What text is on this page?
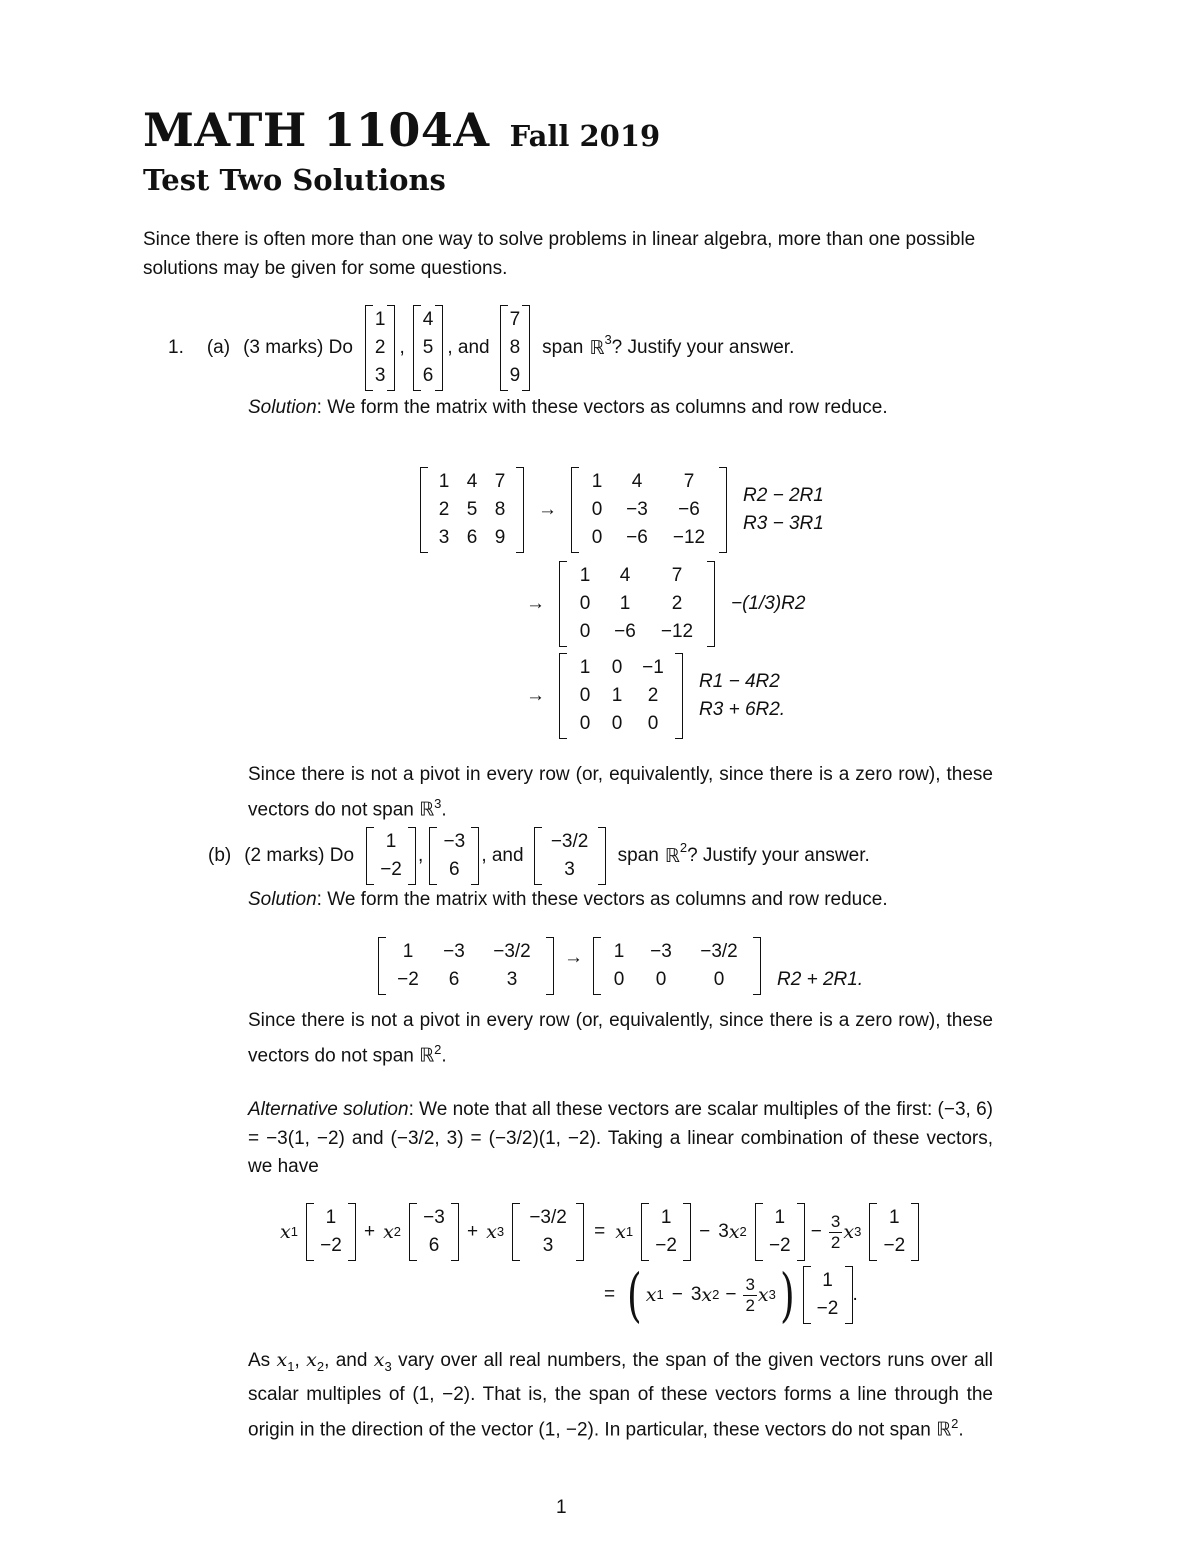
MATH 1104A Fall 2019
Test Two Solutions
Since there is often more than one way to solve problems in linear algebra, more than one possible solutions may be given for some questions.
1. (a) (3 marks) Do
1
2
3
,
4
5
6
, and
7
8
9
span ℝ$^3$ ? Justify your answer.
Solution: We form the matrix with these vectors as columns and row reduce.
1 4 7
2 5 8
3 6 9
→
1	4	7
0	−3	−6
0	−6	−12
R2 − 2R1
R3 − 3R1
→
1	4	7
0	1	2
0	−6	−12
−(1/3)R2
→
1	0	−1
0	1	2
0	0	0
R1 − 4R2
R3 + 6R2.
Since there is not a pivot in every row (or, equivalently, since there is a zero row), these vectors do not span ℝ$^3$.
(b) (2 marks) Do
1
−2
,
−3
6
, and
−3/2
3
span ℝ$^2$ ? Justify your answer.
Solution: We form the matrix with these vectors as columns and row reduce.
1	−3	−3/2
−2	6	3
→	1	−3	−3/2
0	0	0	R2 + 2R1.
Since there is not a pivot in every row (or, equivalently, since there is a zero row), these vectors do not span ℝ$^2$.
Alternative solution: We note that all these vectors are scalar multiples of the first: (−3, 6) = −3(1, −2) and (−3/2, 3) = (−3/2)(1, −2). Taking a linear combination of these vectors, we have
x 1
1
−2
+ x 2
−3
6
+ x 3
−3/2
3
= x 1
1
−2
− 3 x 2
1
−2
− $\frac{3}{2}$ x 3
1
−2
= ( x 1 − 3 x $2 - \frac{3}{2}$ x 3 )	1
−2
.
As $x_1$, $x_2$, and $x_3$ vary over all real numbers, the span of the given vectors runs over all scalar multiples of (1, −2). That is, the span of these vectors forms a line through the origin in the direction of the vector (1, −2). In particular, these vectors do not span ℝ$^2$.
1
